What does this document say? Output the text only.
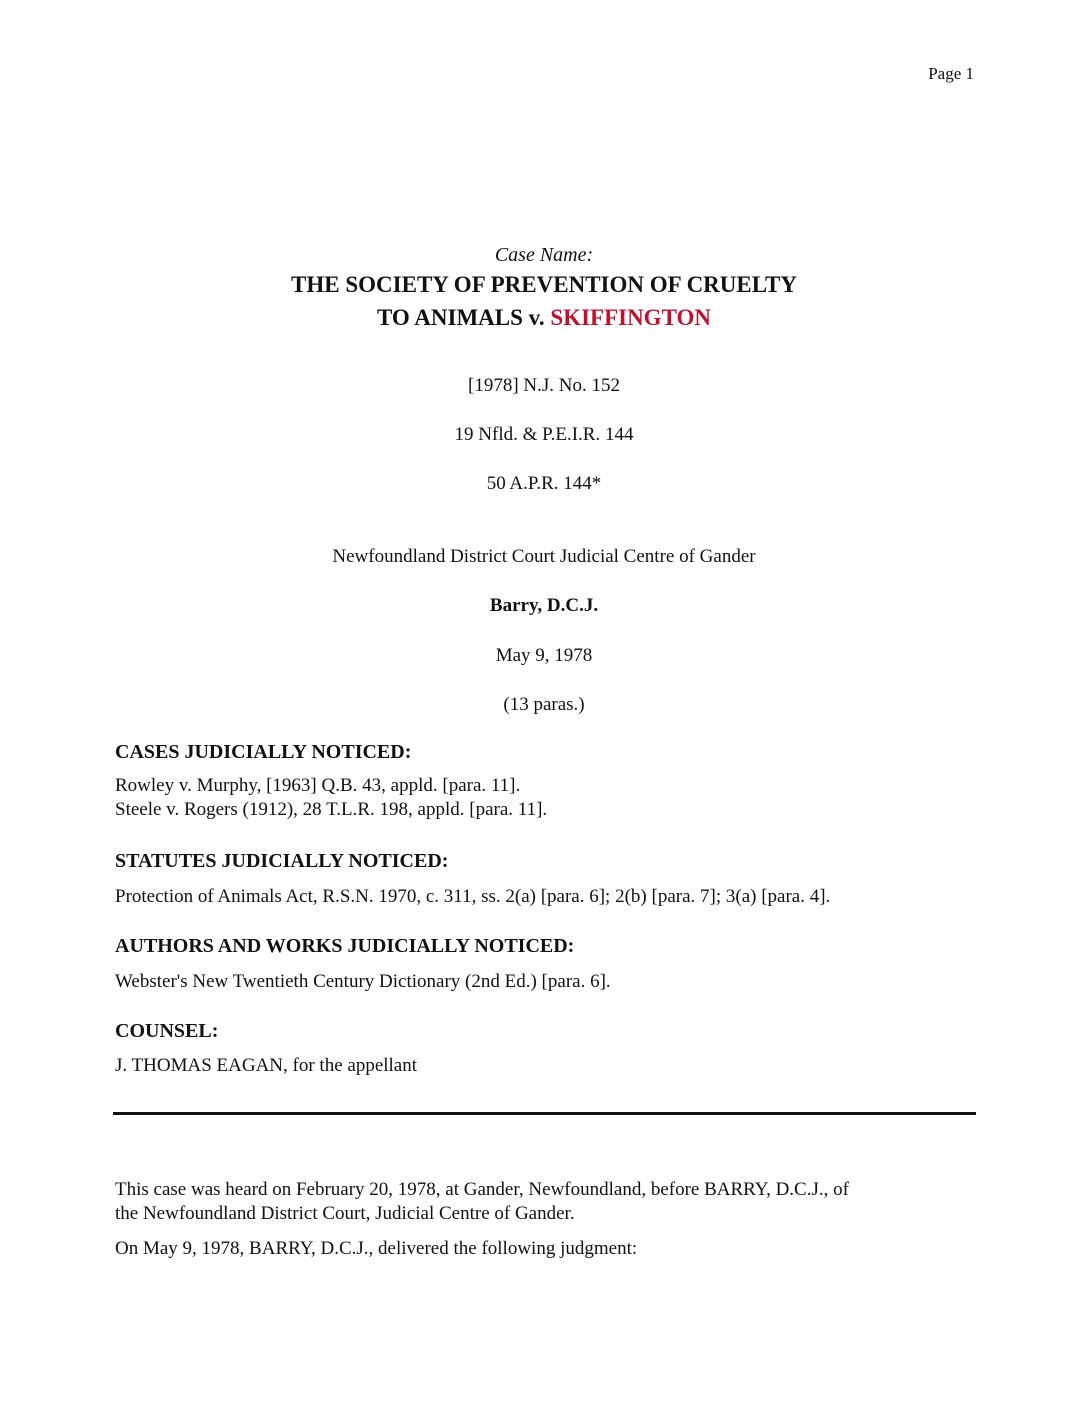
Page 1
Case Name:
THE SOCIETY OF PREVENTION OF CRUELTY
TO ANIMALS v. SKIFFINGTON
[1978] N.J. No. 152
19 Nfld. & P.E.I.R. 144
50 A.P.R. 144*
Newfoundland District Court Judicial Centre of Gander
Barry, D.C.J.
May 9, 1978
(13 paras.)
CASES JUDICIALLY NOTICED:
Rowley v. Murphy, [1963] Q.B. 43, appld. [para. 11].
Steele v. Rogers (1912), 28 T.L.R. 198, appld. [para. 11].
STATUTES JUDICIALLY NOTICED:
Protection of Animals Act, R.S.N. 1970, c. 311, ss. 2(a) [para. 6]; 2(b) [para. 7]; 3(a) [para. 4].
AUTHORS AND WORKS JUDICIALLY NOTICED:
Webster's New Twentieth Century Dictionary (2nd Ed.) [para. 6].
COUNSEL:
J. THOMAS EAGAN, for the appellant
This case was heard on February 20, 1978, at Gander, Newfoundland, before BARRY, D.C.J., of
the Newfoundland District Court, Judicial Centre of Gander.
On May 9, 1978, BARRY, D.C.J., delivered the following judgment:
